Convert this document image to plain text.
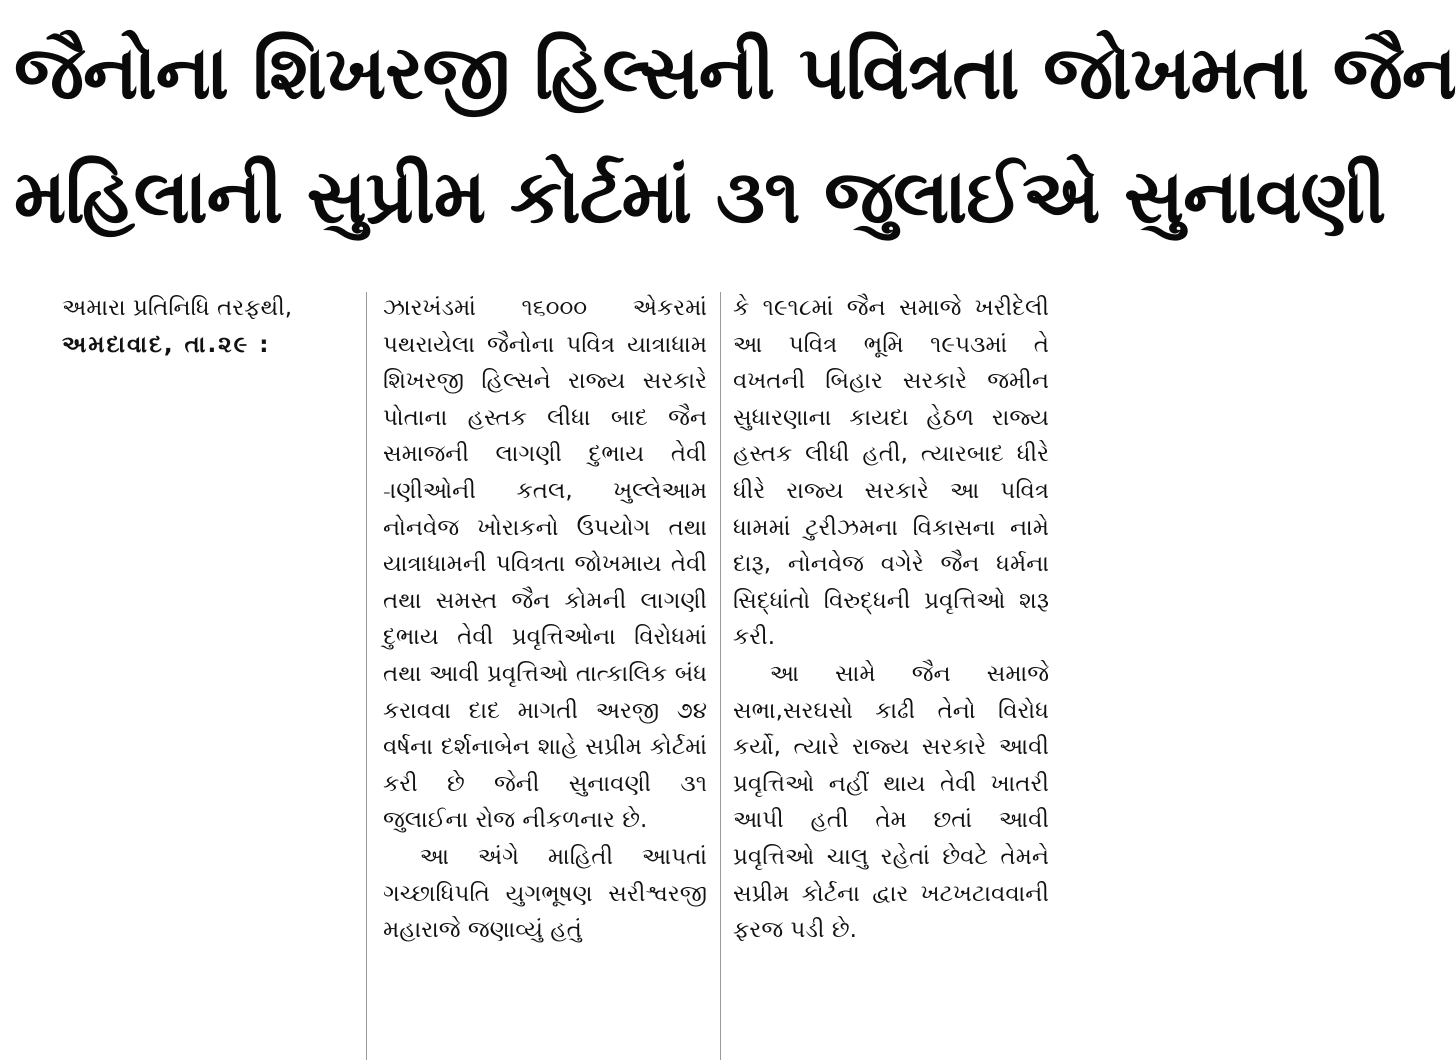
જૈનોના શિખરજી હિલ્સની પવિત્રતા જોખમતા જૈન
મહિલાની સુપ્રીમ કોર્ટમાં ૩૧ જુલાઈએ સુનાવણી
અમારા પ્રતિનિધિ તરફથી,
અમદાવાદ, તા.૨૯ :

ઝારખંડમાં ૧૬૦૦૦ એકરમાં પથરાયેલા જૈનોના પવિત્ર યાત્રાધામ શિખરજી હિલ્સને રાજ્ય સરકારે પોતાના હસ્તક લીધા બાદ જૈન સમાજની લાગણી દુભાય તેવી -ાણીઓની કતલ, ખુલ્લેઆમ નોનવેજ ખોરાકનો ઉપયોગ તથા યાત્રાધામની પવિત્રતા જોખમાય તેવી તથા સમસ્ત જૈન કોમની લાગણી દુભાય તેવી પ્રવૃત્તિઓના વિરોધમાં તથા આવી પ્રવૃત્તિઓ તાત્કાલિક બંધ કરાવવા દાદ માગતી અરજી ૭૪ વર્ષના દર્શનાબેન શાહે સપ્રીમ કોર્ટમાં કરી છે જેની સુનાવણી ૩૧ જુલાઈના રોજ નીકળનાર છે.

આ અંગે માહિતી આપતાં ગચ્છાધિપતિ યુગભૂષણ સરીશ્વરજી મહારાજે જણાવ્યું હતું

કે ૧૯૧૮માં જૈન સમાજે ખરીદેલી આ પવિત્ર ભૂમિ ૧૯૫૩માં તે વખતની બિહાર સરકારે જમીન સુધારણાના કાયદા હેઠળ રાજ્ય હસ્તક લીધી હતી, ત્યારબાદ ધીરે ધીરે રાજ્ય સરકારે આ પવિત્ર ધામમાં ટુરીઝમના વિકાસના નામે દારૂ, નોનવેજ વગેરે જૈન ધર્મના સિદ્ધાંતો વિરુદ્ધની પ્રવૃત્તિઓ શરૂ કરી.

આ સામે જૈન સમાજે સભા,સરઘસો કાઢી તેનો વિરોધ કર્યો, ત્યારે રાજ્ય સરકારે આવી પ્રવૃત્તિઓ નહીં થાય તેવી ખાતરી આપી હતી તેમ છતાં આવી પ્રવૃત્તિઓ ચાલુ રહેતાં છેવટે તેમને સપ્રીમ કોર્ટના દ્વાર ખટખટાવવાની ફરજ પડી છે.
